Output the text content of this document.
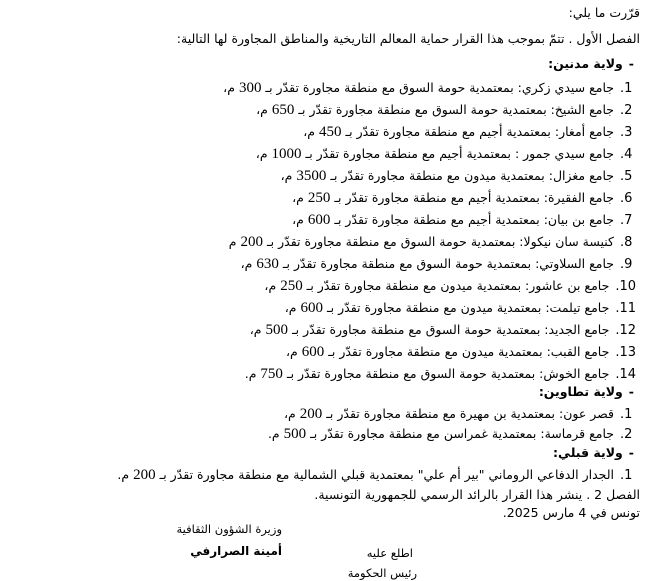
قرّرت ما يلي:
الفصل الأول . تتمّ بموجب هذا القرار حماية المعالم التاريخية والمناطق المجاورة لها التالية:
-ولاية مدنين:
1.جامع سيدي زكري: بمعتمدية حومة السوق مع منطقة مجاورة تقدّر بـ 300 م،
2.جامع الشيخ: بمعتمدية حومة السوق مع منطقة مجاورة تقدّر بـ 650 م،
3.جامع أمغار: بمعتمدية أجيم مع منطقة مجاورة تقدّر بـ 450 م،
4.جامع سيدي جمور : بمعتمدية أجيم مع منطقة مجاورة تقدّر بـ 1000 م،
5.جامع مغزال: بمعتمدية ميدون مع منطقة مجاورة تقدّر بـ 3500 م،
6.جامع الفقيرة: بمعتمدية أجيم مع منطقة مجاورة تقدّر بـ 250 م،
7.جامع بن بيان: بمعتمدية أجيم مع منطقة مجاورة تقدّر بـ 600 م،
8.كنيسة سان نيكولا: بمعتمدية حومة السوق مع منطقة مجاورة تقدّر بـ 200 م
9.جامع السلاوتي: بمعتمدية حومة السوق مع منطقة مجاورة تقدّر بـ 630 م،
10.جامع بن عاشور: بمعتمدية ميدون مع منطقة مجاورة تقدّر بـ 250 م،
11.جامع تيلمت: بمعتمدية ميدون مع منطقة مجاورة تقدّر بـ 600 م،
12.جامع الجديد: بمعتمدية حومة السوق مع منطقة مجاورة تقدّر بـ 500 م،
13.جامع القبب: بمعتمدية ميدون مع منطقة مجاورة تقدّر بـ 600 م،
14.جامع الخوش: بمعتمدية حومة السوق مع منطقة مجاورة تقدّر بـ 750 م.
-ولاية تطاوين:
1.قصر عون: بمعتمدية بن مهيرة مع منطقة مجاورة تقدّر بـ 200 م،
2.جامع قرماسة: بمعتمدية غمراسن مع منطقة مجاورة تقدّر بـ 500 م.
-ولاية قبلي:
1.الجدار الدفاعي الروماني "بير أم علي" بمعتمدية قبلي الشمالية مع منطقة مجاورة تقدّر بـ 200 م.
الفصل 2 . ينشر هذا القرار بالرائد الرسمي للجمهورية التونسية.
تونس في 4 مارس 2025.
وزيرة الشؤون الثقافية
أمينة الصرارفي	اطلع عليه
رئيس الحكومة
